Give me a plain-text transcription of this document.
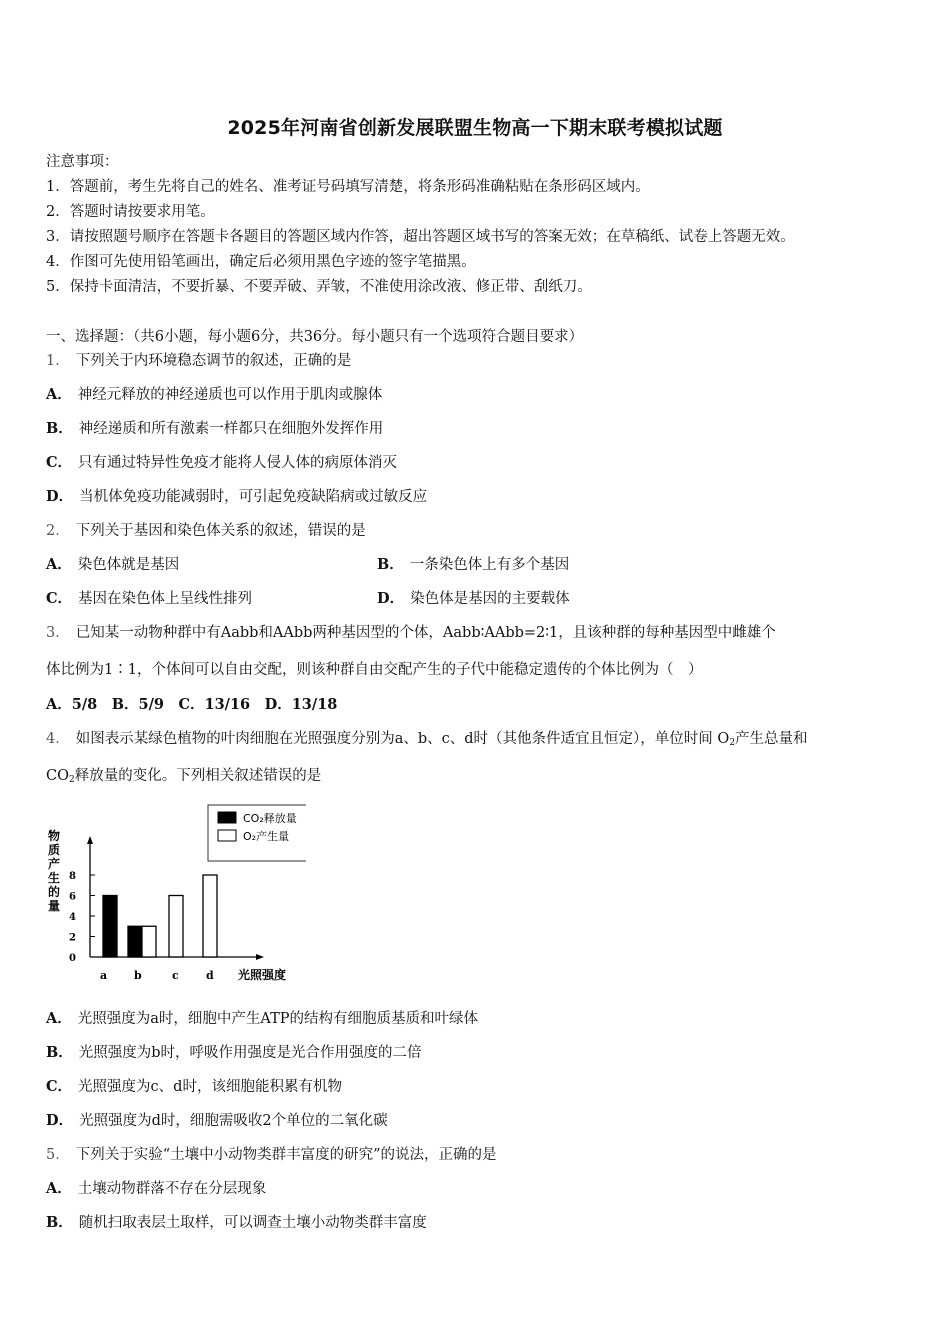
2025年河南省创新发展联盟生物高一下期末联考模拟试题
注意事项：
1．答题前，考生先将自己的姓名、准考证号码填写清楚，将条形码准确粘贴在条形码区域内。
2．答题时请按要求用笔。
3．请按照题号顺序在答题卡各题目的答题区域内作答，超出答题区域书写的答案无效；在草稿纸、试卷上答题无效。
4．作图可先使用铅笔画出，确定后必须用黑色字迹的签字笔描黑。
5．保持卡面清洁，不要折暴、不要弄破、弄皱，不准使用涂改液、修正带、刮纸刀。
一、选择题：（共6小题，每小题6分，共36分。每小题只有一个选项符合题目要求）
1． 下列关于内环境稳态调节的叙述，正确的是
A． 神经元释放的神经递质也可以作用于肌肉或腺体
B． 神经递质和所有激素一样都只在细胞外发挥作用
C． 只有通过特异性免疫才能将人侵人体的病原体消灭
D． 当机体免疫功能减弱时，可引起免疫缺陷病或过敏反应
2． 下列关于基因和染色体关系的叙述，错误的是
A． 染色体就是基因	B． 一条染色体上有多个基因
C． 基因在染色体上呈线性排列	D． 染色体是基因的主要载体
3． 已知某一动物种群中有Aabb和AAbb两种基因型的个体，Aabb∶AAbb=2∶1，且该种群的每种基因型中雌雄个
体比例为1∶1，个体间可以自由交配，则该种群自由交配产生的子代中能稳定遗传的个体比例为（　）
A．5/8　B．5/9　C．13/16　D．13/18
4． 如图表示某绿色植物的叶肉细胞在光照强度分别为a、b、c、d时（其他条件适宜且恒定），单位时间 $O_2$产生总量和
$CO_2$释放量的变化。下列相关叙述错误的是
CO₂释放量
O₂产生量
物
质
产
生
的
量
0
2
4
6
8
a b	c d 光照强度
A． 光照强度为a时，细胞中产生ATP的结构有细胞质基质和叶绿体
B． 光照强度为b时，呼吸作用强度是光合作用强度的二倍
C． 光照强度为c、d时，该细胞能积累有机物
D． 光照强度为d时，细胞需吸收2个单位的二氧化碳
5． 下列关于实验“土壤中小动物类群丰富度的研究”的说法，正确的是
A． 土壤动物群落不存在分层现象
B． 随机扫取表层土取样，可以调查土壤小动物类群丰富度
